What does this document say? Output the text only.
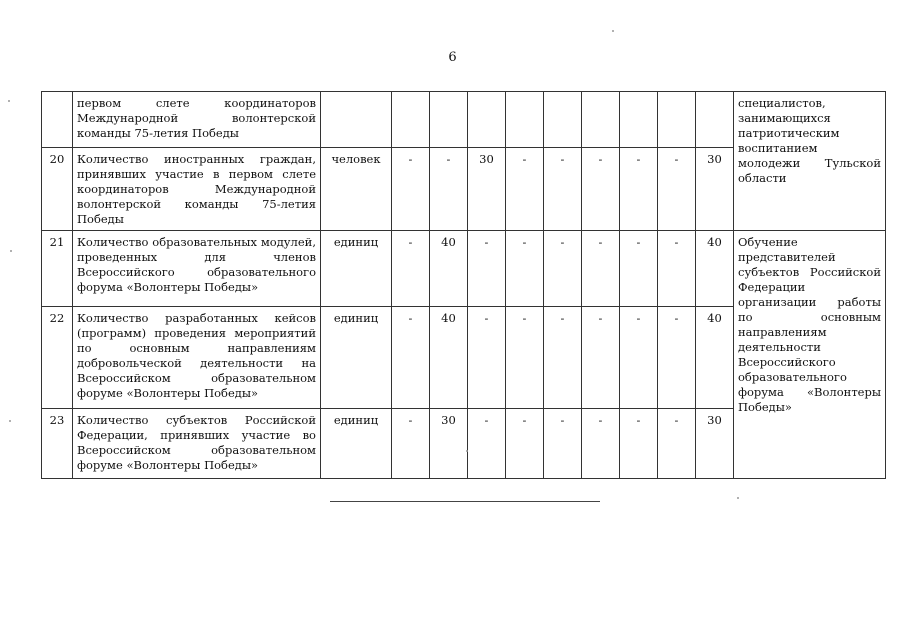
6
	первом слете координаторов Международной волонтерской команды 75-летия Победы											специалистов, занимающихся патриотическим воспитанием молодежи Тульской области
20	Количество иностранных граждан, принявших участие в первом слете координаторов Международной волонтерской команды 75-летия Победы	человек	-	-	30	-	-	-	-	-	30	
21	Количество образовательных модулей, проведенных для членов Всероссийского образовательного форума «Волонтеры Победы»	единиц	-	40	-	-	-	-	-	-	40	Обучение представителей субъектов Российской Федерации организации работы по основным направлениям деятельности Всероссийского образовательного форума «Волонтеры Победы»
22	Количество разработанных кейсов (программ) проведения мероприятий по основным направлениям добровольческой деятельности на Всероссийском образовательном форуме «Волонтеры Победы»	единиц	-	40	-	-	-	-	-	-	40	
23	Количество субъектов Российской Федерации, принявших участие во Всероссийском образовательном форуме «Волонтеры Победы»	единиц	-	30	-	-	-	-	-	-	30	
